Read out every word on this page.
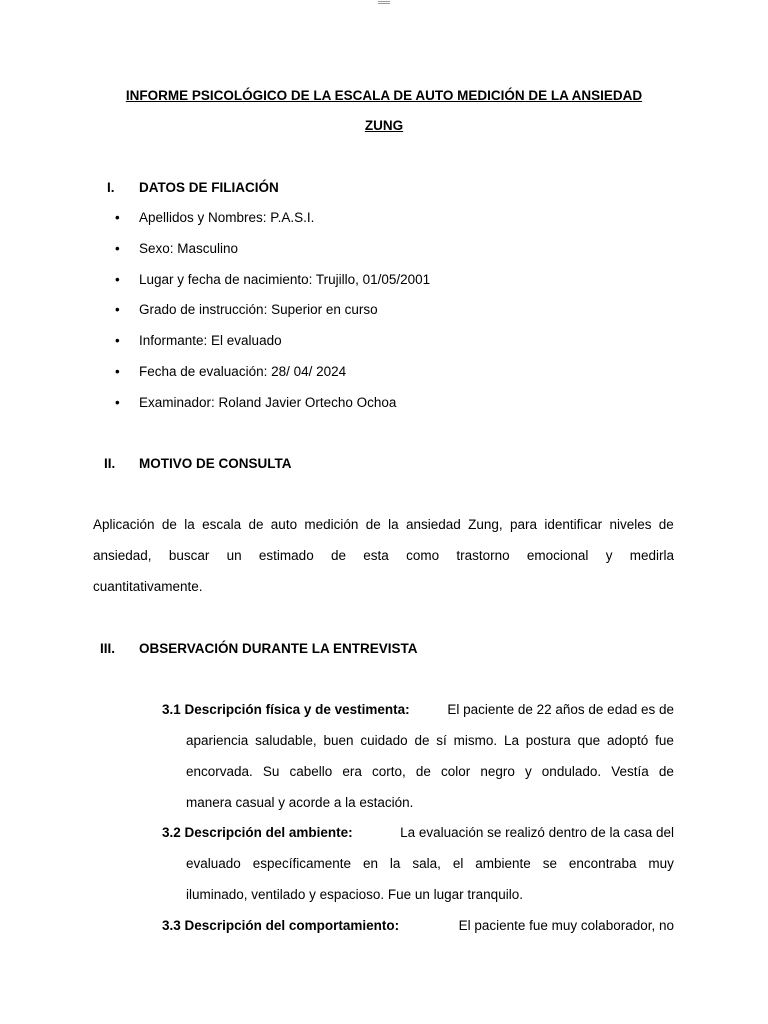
INFORME PSICOLÓGICO DE LA ESCALA DE AUTO MEDICIÓN DE LA ANSIEDAD
ZUNG
I. DATOS DE FILIACIÓN
• Apellidos y Nombres: P.A.S.I.
• Sexo: Masculino
• Lugar y fecha de nacimiento: Trujillo, 01/05/2001
• Grado de instrucción: Superior en curso
• Informante: El evaluado
• Fecha de evaluación: 28/ 04/ 2024
• Examinador: Roland Javier Ortecho Ochoa
II. MOTIVO DE CONSULTA
Aplicación de la escala de auto medición de la ansiedad Zung, para identificar niveles de
ansiedad, buscar un estimado de esta como trastorno emocional y medirla
cuantitativamente.
III. OBSERVACIÓN DURANTE LA ENTREVISTA
3.1 Descripción física y de vestimenta:	El paciente de 22 años de edad es de
apariencia saludable, buen cuidado de sí mismo. La postura que adoptó fue
encorvada. Su cabello era corto, de color negro y ondulado. Vestía de
manera casual y acorde a la estación.
3.2 Descripción del ambiente:	La evaluación se realizó dentro de la casa del
evaluado específicamente en la sala, el ambiente se encontraba muy
iluminado, ventilado y espacioso. Fue un lugar tranquilo.
3.3 Descripción del comportamiento:	El paciente fue muy colaborador, no
